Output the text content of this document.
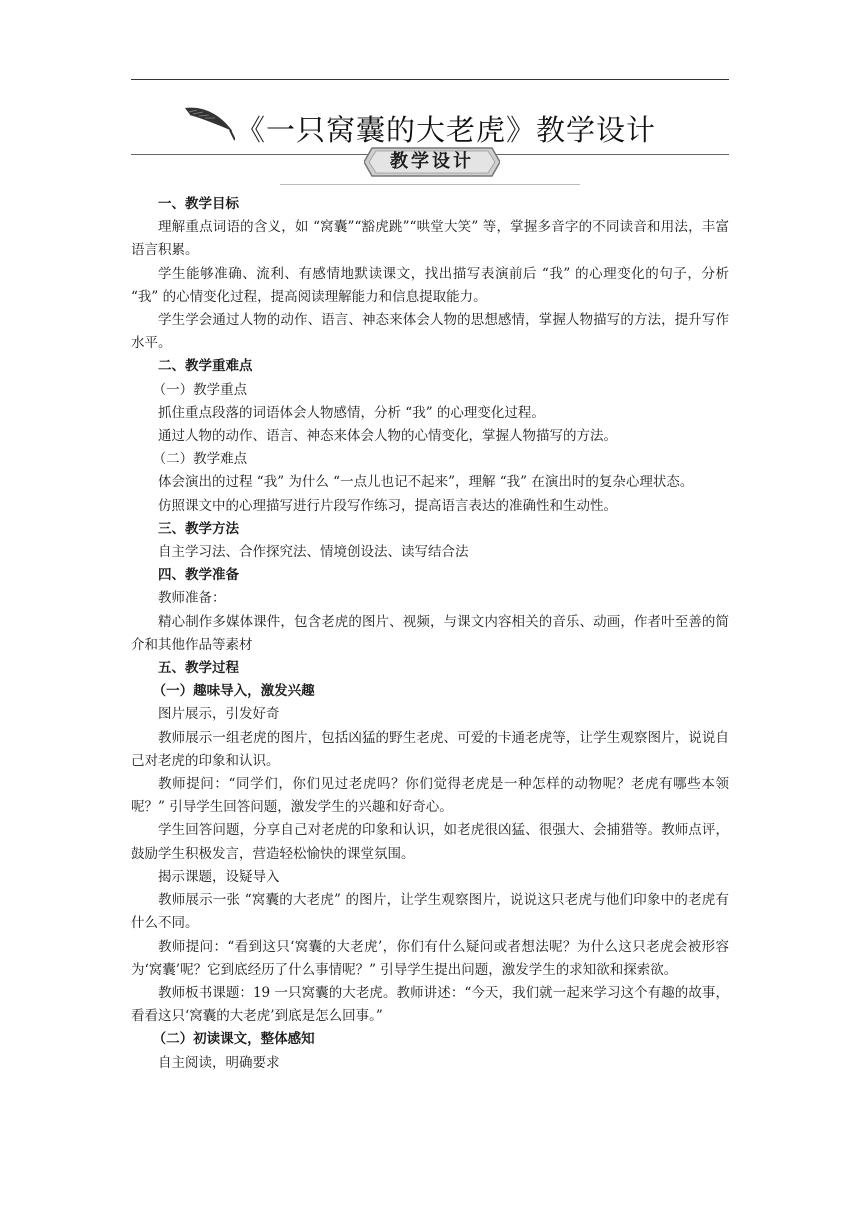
《一只窝囊的大老虎》教学设计
教学设计
一、教学目标
理解重点词语的含义，如 “窝囊”“豁虎跳”“哄堂大笑” 等，掌握多音字的不同读音和用法，丰富语言积累。
学生能够准确、流利、有感情地默读课文，找出描写表演前后 “我” 的心理变化的句子，分析 “我” 的心情变化过程，提高阅读理解能力和信息提取能力。
学生学会通过人物的动作、语言、神态来体会人物的思想感情，掌握人物描写的方法，提升写作水平。
二、教学重难点
（一）教学重点
抓住重点段落的词语体会人物感情，分析 “我” 的心理变化过程。
通过人物的动作、语言、神态来体会人物的心情变化，掌握人物描写的方法。
（二）教学难点
体会演出的过程 “我” 为什么 “一点儿也记不起来”，理解 “我” 在演出时的复杂心理状态。
仿照课文中的心理描写进行片段写作练习，提高语言表达的准确性和生动性。
三、教学方法
自主学习法、合作探究法、情境创设法、读写结合法
四、教学准备
教师准备：
精心制作多媒体课件，包含老虎的图片、视频，与课文内容相关的音乐、动画，作者叶至善的简介和其他作品等素材
五、教学过程
（一）趣味导入，激发兴趣
图片展示，引发好奇
教师展示一组老虎的图片，包括凶猛的野生老虎、可爱的卡通老虎等，让学生观察图片，说说自己对老虎的印象和认识。
教师提问：“同学们，你们见过老虎吗？你们觉得老虎是一种怎样的动物呢？老虎有哪些本领呢？” 引导学生回答问题，激发学生的兴趣和好奇心。
学生回答问题，分享自己对老虎的印象和认识，如老虎很凶猛、很强大、会捕猎等。教师点评，鼓励学生积极发言，营造轻松愉快的课堂氛围。
揭示课题，设疑导入
教师展示一张 “窝囊的大老虎” 的图片，让学生观察图片，说说这只老虎与他们印象中的老虎有什么不同。
教师提问：“看到这只‘窝囊的大老虎’，你们有什么疑问或者想法呢？为什么这只老虎会被形容为‘窝囊’呢？它到底经历了什么事情呢？” 引导学生提出问题，激发学生的求知欲和探索欲。
教师板书课题：19 一只窝囊的大老虎。教师讲述：“今天，我们就一起来学习这个有趣的故事，看看这只‘窝囊的大老虎’到底是怎么回事。”
（二）初读课文，整体感知
自主阅读，明确要求
